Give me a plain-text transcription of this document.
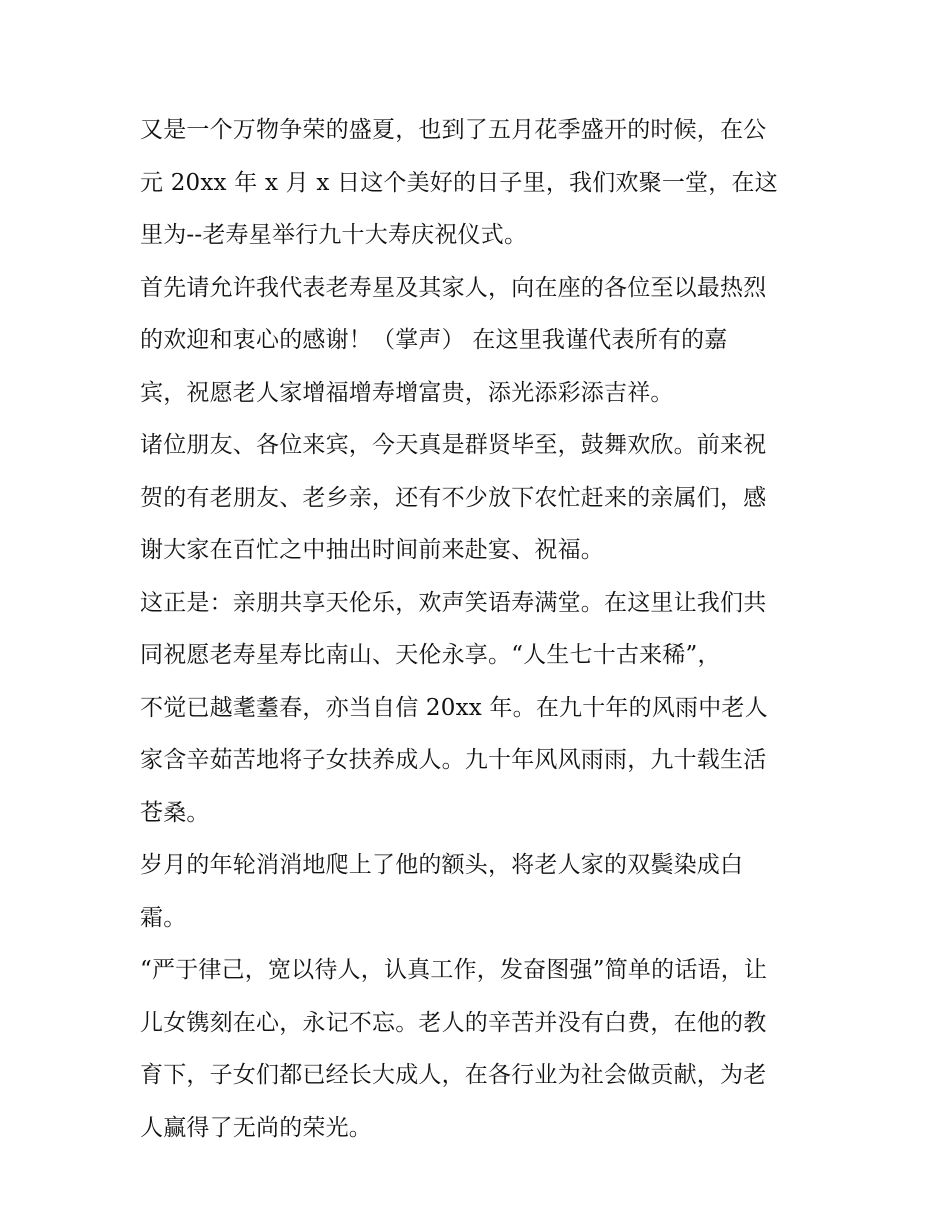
又是一个万物争荣的盛夏，也到了五月花季盛开的时候，在公
元 20xx 年 x 月 x 日这个美好的日子里，我们欢聚一堂，在这
里为--老寿星举行九十大寿庆祝仪式。
首先请允许我代表老寿星及其家人，向在座的各位至以最热烈
的欢迎和衷心的感谢！（掌声） 在这里我谨代表所有的嘉
宾，祝愿老人家增福增寿增富贵，添光添彩添吉祥。
诸位朋友、各位来宾，今天真是群贤毕至，鼓舞欢欣。前来祝
贺的有老朋友、老乡亲，还有不少放下农忙赶来的亲属们，感
谢大家在百忙之中抽出时间前来赴宴、祝福。
这正是：亲朋共享天伦乐，欢声笑语寿满堂。在这里让我们共
同祝愿老寿星寿比南山、天伦永享。“人生七十古来稀”，
不觉已越耄耋春，亦当自信 20xx 年。在九十年的风雨中老人
家含辛茹苦地将子女扶养成人。九十年风风雨雨，九十载生活
苍桑。
岁月的年轮消消地爬上了他的额头，将老人家的双鬓染成白
霜。
“严于律己，宽以待人，认真工作，发奋图强”简单的话语，让
儿女镌刻在心，永记不忘。老人的辛苦并没有白费，在他的教
育下，子女们都已经长大成人，在各行业为社会做贡献，为老
人赢得了无尚的荣光。
